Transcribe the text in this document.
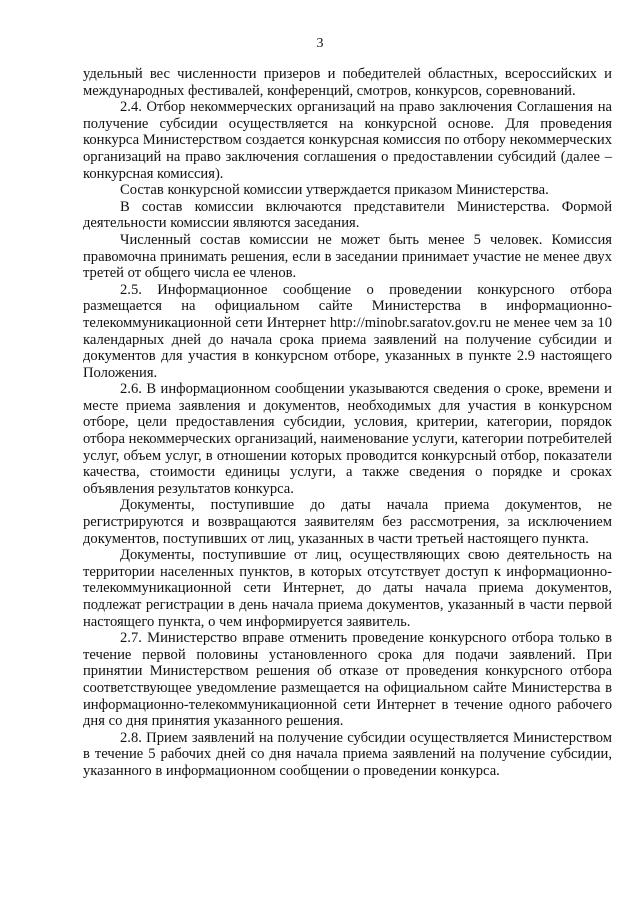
3

удельный вес численности призеров и победителей областных, всероссийских и международных фестивалей, конференций, смотров, конкурсов, соревнований.

2.4. Отбор некоммерческих организаций на право заключения Соглашения на получение субсидии осуществляется на конкурсной основе. Для проведения конкурса Министерством создается конкурсная комиссия по отбору некоммерческих организаций на право заключения соглашения о предоставлении субсидий (далее – конкурсная комиссия).

Состав конкурсной комиссии утверждается приказом Министерства.

В состав комиссии включаются представители Министерства. Формой деятельности комиссии являются заседания.

Численный состав комиссии не может быть менее 5 человек. Комиссия правомочна принимать решения, если в заседании принимает участие не менее двух третей от общего числа ее членов.

2.5. Информационное сообщение о проведении конкурсного отбора размещается на официальном сайте Министерства в информационно-телекоммуникационной сети Интернет http://minobr.saratov.gov.ru не менее чем за 10 календарных дней до начала срока приема заявлений на получение субсидии и документов для участия в конкурсном отборе, указанных в пункте 2.9 настоящего Положения.

2.6. В информационном сообщении указываются сведения о сроке, времени и месте приема заявления и документов, необходимых для участия в конкурсном отборе, цели предоставления субсидии, условия, критерии, категории, порядок отбора некоммерческих организаций, наименование услуги, категории потребителей услуг, объем услуг, в отношении которых проводится конкурсный отбор, показатели качества, стоимости единицы услуги, а также сведения о порядке и сроках объявления результатов конкурса.

Документы, поступившие до даты начала приема документов, не регистрируются и возвращаются заявителям без рассмотрения, за исключением документов, поступивших от лиц, указанных в части третьей настоящего пункта.

Документы, поступившие от лиц, осуществляющих свою деятельность на территории населенных пунктов, в которых отсутствует доступ к информационно-телекоммуникационной сети Интернет, до даты начала приема документов, подлежат регистрации в день начала приема документов, указанный в части первой настоящего пункта, о чем информируется заявитель.

2.7. Министерство вправе отменить проведение конкурсного отбора только в течение первой половины установленного срока для подачи заявлений. При принятии Министерством решения об отказе от проведения конкурсного отбора соответствующее уведомление размещается на официальном сайте Министерства в информационно-телекоммуникационной сети Интернет в течение одного рабочего дня со дня принятия указанного решения.

2.8. Прием заявлений на получение субсидии осуществляется Министерством в течение 5 рабочих дней со дня начала приема заявлений на получение субсидии, указанного в информационном сообщении о проведении конкурса.
